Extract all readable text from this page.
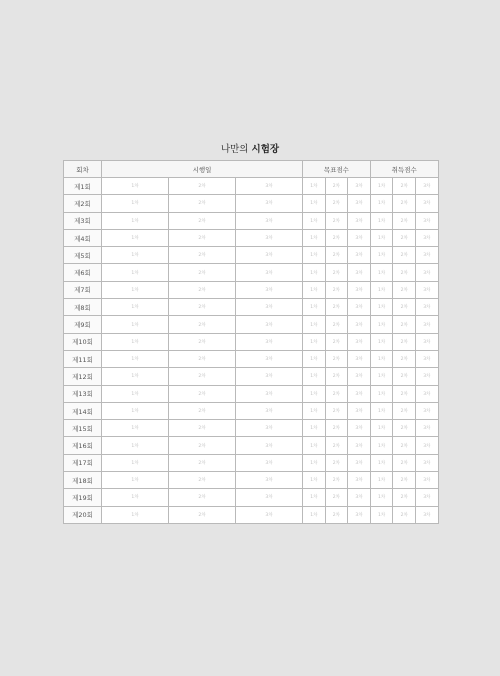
나만의 시험장
회차	시행일			목표점수			취득점수		
제1회	1차	2차	3차	1차	2차	3차	1차	2차	3차
제2회	1차	2차	3차	1차	2차	3차	1차	2차	3차
제3회	1차	2차	3차	1차	2차	3차	1차	2차	3차
제4회	1차	2차	3차	1차	2차	3차	1차	2차	3차
제5회	1차	2차	3차	1차	2차	3차	1차	2차	3차
제6회	1차	2차	3차	1차	2차	3차	1차	2차	3차
제7회	1차	2차	3차	1차	2차	3차	1차	2차	3차
제8회	1차	2차	3차	1차	2차	3차	1차	2차	3차
제9회	1차	2차	3차	1차	2차	3차	1차	2차	3차
제10회	1차	2차	3차	1차	2차	3차	1차	2차	3차
제11회	1차	2차	3차	1차	2차	3차	1차	2차	3차
제12회	1차	2차	3차	1차	2차	3차	1차	2차	3차
제13회	1차	2차	3차	1차	2차	3차	1차	2차	3차
제14회	1차	2차	3차	1차	2차	3차	1차	2차	3차
제15회	1차	2차	3차	1차	2차	3차	1차	2차	3차
제16회	1차	2차	3차	1차	2차	3차	1차	2차	3차
제17회	1차	2차	3차	1차	2차	3차	1차	2차	3차
제18회	1차	2차	3차	1차	2차	3차	1차	2차	3차
제19회	1차	2차	3차	1차	2차	3차	1차	2차	3차
제20회	1차	2차	3차	1차	2차	3차	1차	2차	3차
